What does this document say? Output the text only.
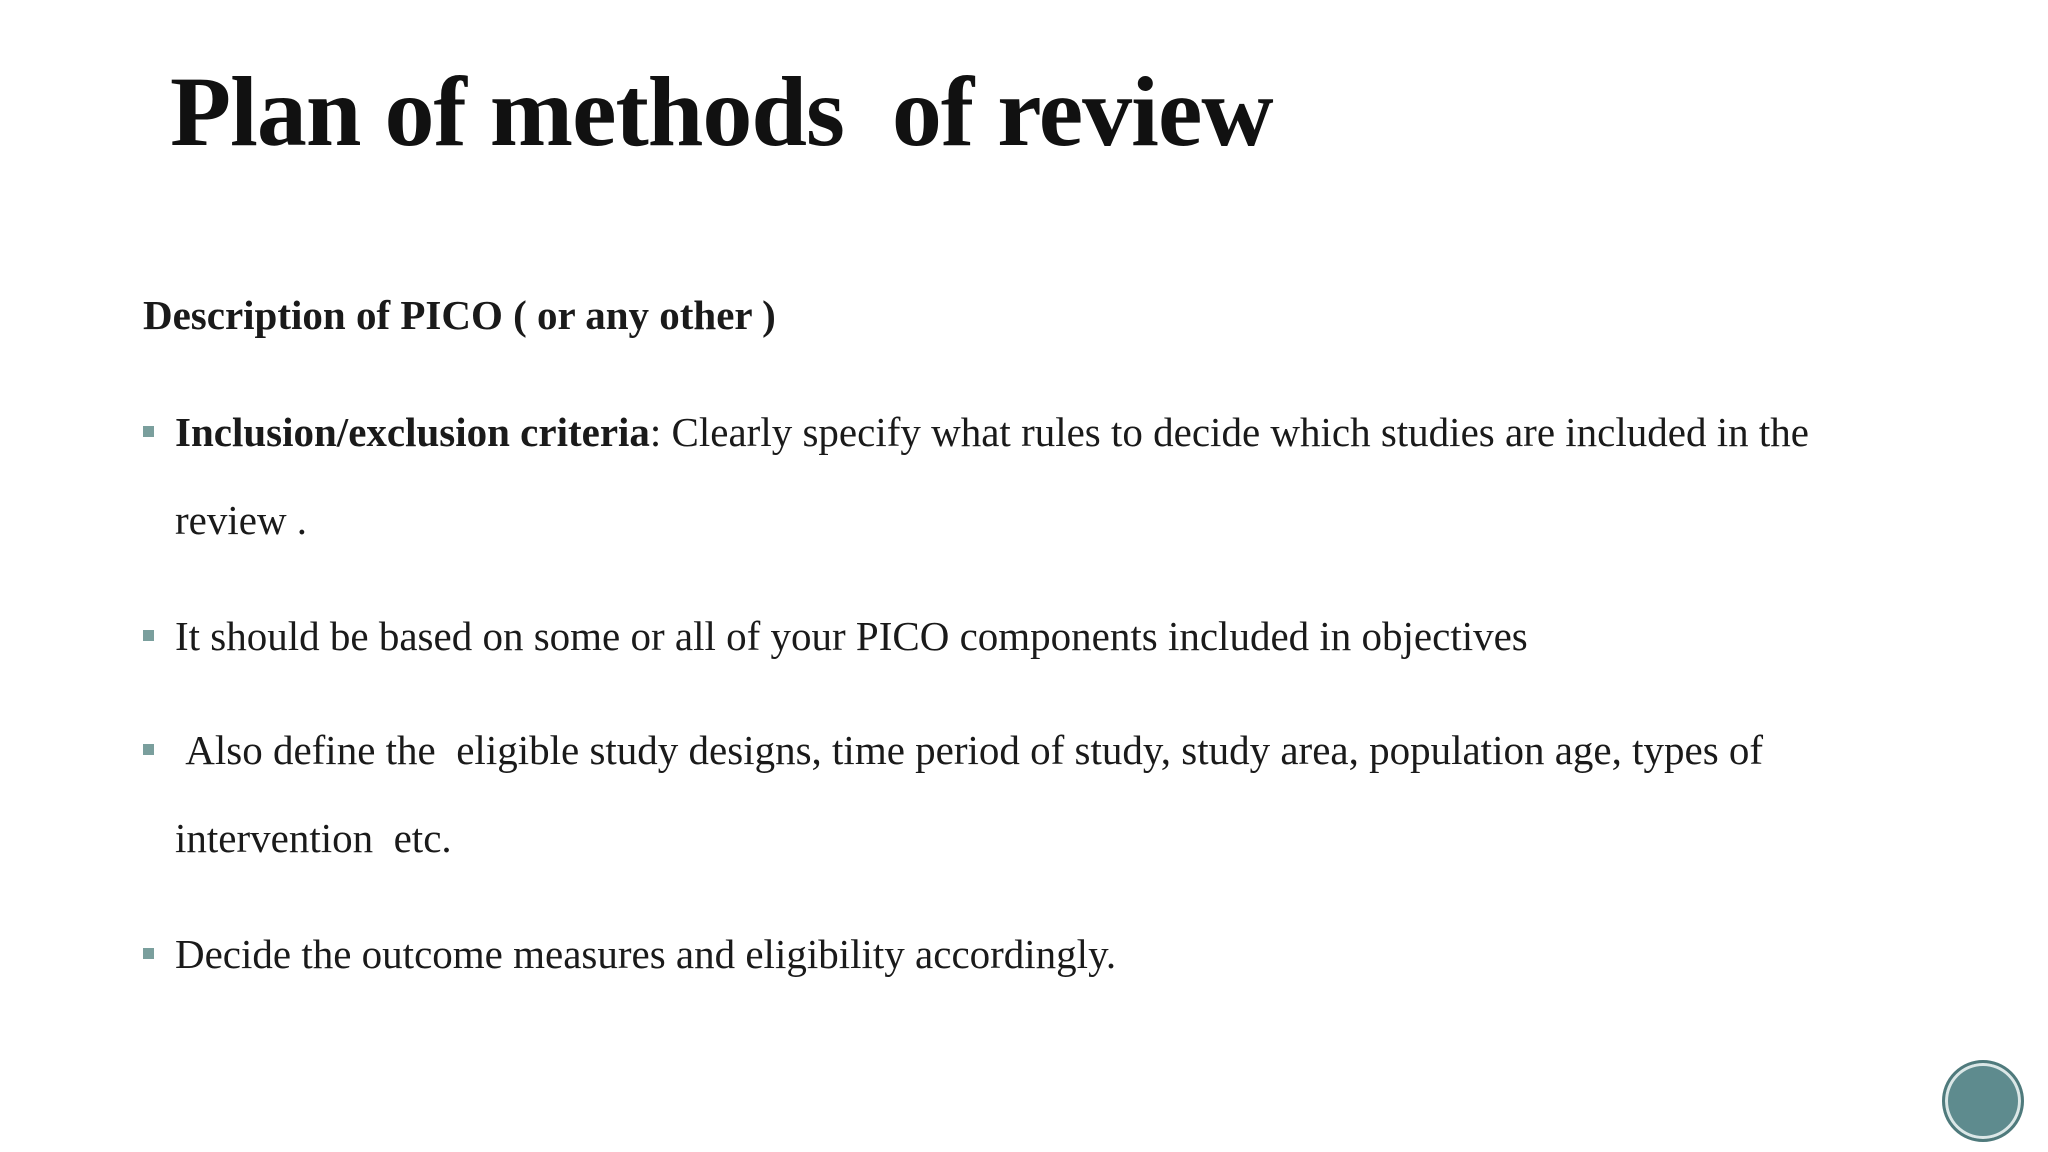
Plan of methods  of review
Description of PICO ( or any other )
Inclusion/exclusion criteria: Clearly specify what rules to decide which studies are included in the review .
It should be based on some or all of your PICO components included in objectives
Also define the  eligible study designs, time period of study, study area, population age, types of intervention  etc.
Decide the outcome measures and eligibility accordingly.
